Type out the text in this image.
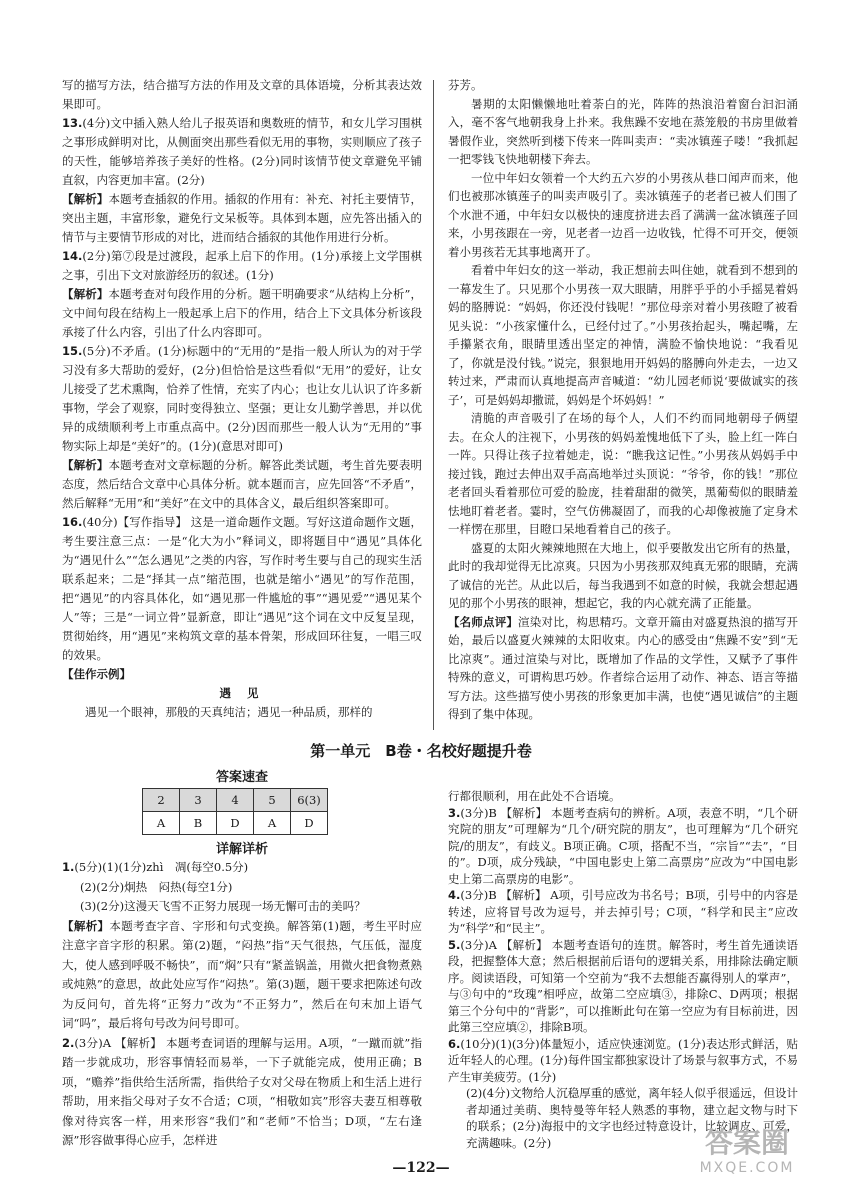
写的描写方法，结合描写方法的作用及文章的具体语境，分析其表达效果即可。

13.(4分)文中插入熟人给儿子报英语和奥数班的情节，和女儿学习围棋之事形成鲜明对比，从侧面突出那些看似无用的事物，实则顺应了孩子的天性，能够培养孩子美好的性格。(2分)同时该情节使文章避免平铺直叙，内容更加丰富。(2分)

【解析】本题考查插叙的作用。插叙的作用有：补充、衬托主要情节，突出主题，丰富形象，避免行文呆板等。具体到本题，应先答出插入的情节与主要情节形成的对比，进而结合插叙的其他作用进行分析。

14.(2分)第⑦段是过渡段，起承上启下的作用。(1分)承接上文学围棋之事，引出下文对旅游经历的叙述。(1分)

【解析】本题考查对句段作用的分析。题干明确要求“从结构上分析”，文中间句段在结构上一般起承上启下的作用，结合上下文具体分析该段承接了什么内容，引出了什么内容即可。

15.(5分)不矛盾。(1分)标题中的“无用的”是指一般人所认为的对于学习没有多大帮助的爱好，(2分)但恰恰是这些看似“无用”的爱好，让女儿接受了艺术熏陶，恰养了性情，充实了内心；也让女儿认识了许多新事物，学会了观察，同时变得独立、坚强；更让女儿勤学善思，并以优异的成绩顺利考上市重点高中。(2分)因而那些一般人认为“无用的”事物实际上却是“美好”的。(1分)(意思对即可)

【解析】本题考查对文章标题的分析。解答此类试题，考生首先要表明态度，然后结合文章中心具体分析。就本题而言，应先回答“不矛盾”，然后解释“无用”和“美好”在文中的具体含义，最后组织答案即可。

16.(40分)【写作指导】 这是一道命题作文题。写好这道命题作文题，考生要注意三点：一是“化大为小”释词义，即将题目中“遇见”具体化为“遇见什么”“怎么遇见”之类的内容，写作时考生要与自己的现实生活联系起来；二是“择其一点”缩范围，也就是缩小“遇见”的写作范围，把“遇见”的内容具体化，如“遇见那一件尴尬的事”“遇见爱”“遇见某个人”等；三是“一词立骨”显新意，即让“遇见”这个词在文中反复呈现，贯彻始终，用“遇见”来构筑文章的基本骨架，形成回环往复，一唱三叹的效果。

【佳作示例】

遇 见

遇见一个眼神，那般的天真纯洁；遇见一种品质，那样的

芬芳。

暑期的太阳懒懒地吐着荼白的光，阵阵的热浪沿着窗台汩汩涌入，毫不客气地朝我身上扑来。我焦躁不安地在蒸笼般的书房里做着暑假作业，突然听到楼下传来一阵叫卖声：“卖冰镇莲子喽！”我抓起一把零钱飞快地朝楼下奔去。

一位中年妇女领着一个大约五六岁的小男孩从巷口闻声而来，他们也被那冰镇莲子的叫卖声吸引了。卖冰镇莲子的老者已被人们围了个水泄不通，中年妇女以极快的速度挤进去舀了满满一盆冰镇莲子回来，小男孩跟在一旁，见老者一边舀一边收钱，忙得不可开交，便领着小男孩若无其事地离开了。

看着中年妇女的这一举动，我正想前去叫住她，就看到不想到的一幕发生了。只见那个小男孩一双大眼睛，用胖乎乎的小手摇晃着妈妈的胳膊说：“妈妈，你还没付钱呢！”那位母亲对着小男孩瞪了被看见头说：“小孩家懂什么，已经付过了。”小男孩抬起头，嘴起嘴，左手攥紧衣角，眼睛里透出坚定的神情，满脸不愉快地说：“我看见了，你就是没付钱。”说完，狠狠地用开妈妈的胳膊向外走去，一边又转过来，严肃而认真地提高声音喊道：“幼儿园老师说‘要做诚实的孩子’，可是妈妈却撒谎，妈妈是个坏妈妈！”

清脆的声音吸引了在场的每个人，人们不约而同地朝母子俩望去。在众人的注视下，小男孩的妈妈羞愧地低下了头，脸上红一阵白一阵。只得让孩子拉着她走，说：“瞧我这记性。”小男孩从妈妈手中接过钱，跑过去伸出双手高高地举过头顶说：“爷爷，你的钱！”那位老者回头看着那位可爱的脸庞，挂着甜甜的微笑，黑葡萄似的眼睛羞怯地盯着老者。霎时，空气仿佛凝固了，而我的心却像被施了定身术一样愣在那里，目瞪口呆地看着自己的孩子。

盛夏的太阳火辣辣地照在大地上，似乎要散发出它所有的热量，此时的我却觉得无比凉爽。只因为小男孩那双纯真无邪的眼睛，充满了诚信的光芒。从此以后，每当我遇到不如意的时候，我就会想起遇见的那个小男孩的眼神，想起它，我的内心就充满了正能量。

【名师点评】渲染对比，构思精巧。文章开篇由对盛夏热浪的描写开始，最后以盛夏火辣辣的太阳收束。内心的感受由“焦躁不安”到“无比凉爽”。通过渲染与对比，既增加了作品的文学性，又赋予了事件特殊的意义，可谓构思巧妙。作者综合运用了动作、神态、语言等描写方法。这些描写使小男孩的形象更加丰满，也使“遇见诚信”的主题得到了集中体现。

第一单元　B卷・名校好题提升卷
答案速查
2	3	4	5	6(3)
A	B	D	A	D
详解详析

1.(5分)(1)(1分)zhì　凋(每空0.5分)

(2)(2分)炯热　闷热(每空1分)

(3)(2分)这漫天飞雪不正努力展现一场无懈可击的美吗？

【解析】本题考查字音、字形和句式变换。解答第(1)题，考生平时应注意字音字形的积累。第(2)题，“闷热”指“天气很热，气压低，湿度大，使人感到呼吸不畅快”，而“焖”只有“紧盖锅盖，用微火把食物煮熟或炖熟”的意思，故此处应写作“闷热”。第(3)题，题干要求把陈述句改为反问句，首先将“正努力”改为“不正努力”，然后在句末加上语气词“吗”，最后将句号改为问号即可。

2.(3分)A 【解析】 本题考查词语的理解与运用。A项，“一蹴而就”指踏一步就成功，形容事情轻而易举，一下子就能完成，使用正确；B项，“赡养”指供给生活所需，指供给子女对父母在物质上和生活上进行帮助，用来指父母对子女不合适；C项，“相敬如宾”形容夫妻互相尊敬像对待宾客一样，用来形容“我们”和“老师”不恰当；D项，“左右逢源”形容做事得心应手，怎样进

行都很顺利，用在此处不合语境。

3.(3分)B 【解析】 本题考查病句的辨析。A项，表意不明，“几个研究院的朋友”可理解为“几个/研究院的朋友”，也可理解为“几个研究院/的朋友”，有歧义。B项正确。C项，搭配不当，“宗旨”“去”，“目的”。D项，成分残缺，“中国电影史上第二高票房”应改为“中国电影史上第二高票房的电影”。

4.(3分)B 【解析】 A项，引号应改为书名号；B项，引号中的内容是转述，应将冒号改为逗号，并去掉引号；C项，“科学和民主”应改为“科学”和“民主”。

5.(3分)A 【解析】 本题考查语句的连贯。解答时，考生首先通读语段，把握整体大意；然后根据前后语句的逻辑关系，用排除法确定顺序。阅读语段，可知第一个空前为“我不去想能否赢得别人的掌声”，与③句中的“玫瑰”相呼应，故第二空应填③，排除C、D两项；根据第三个分句中的“背影”，可以推断此句在第一空应为有目标前进，因此第三空应填②，排除B项。

6.(10分)(1)(3分)体量短小，适应快速浏览。(1分)表达形式鲜活，贴近年轻人的心理。(1分)每件国宝都独家设计了场景与叙事方式，不易产生审美疲劳。(1分)

(2)(4分)文物给人沉稳厚重的感觉，离年轻人似乎很遥远，但设计者却通过美萌、奥特曼等年轻人熟悉的事物，建立起文物与时下的联系；(2分)海报中的文字也经过特意设计，比较调皮、可爱，充满趣味。(2分)

—122—
答案圈
MXQE.COM
